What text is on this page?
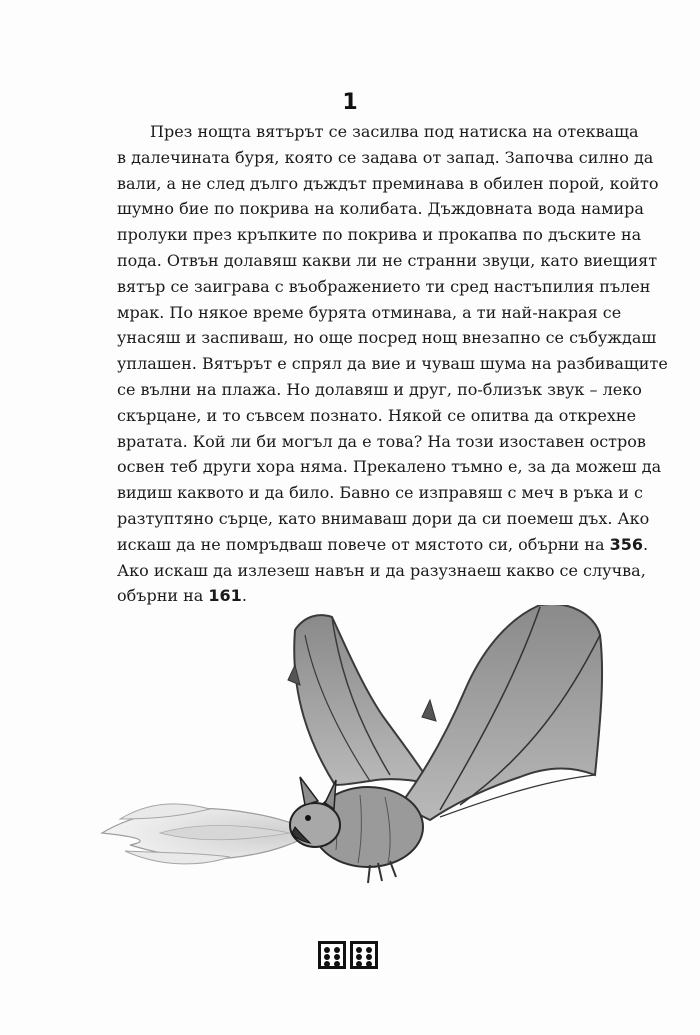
1
През нощта вятърът се засилва под натиска на отекваща
в далечината буря, която се задава от запад. Започва силно да
вали, а не след дълго дъждът преминава в обилен порой, който
шумно бие по покрива на колибата. Дъждовната вода намира
пролуки през кръпките по покрива и прокапва по дъските на
пода. Отвън долавяш какви ли не странни звуци, като виещият
вятър се заиграва с въображението ти сред настъпилия пълен
мрак. По някое време бурята отминава, а ти най-накрая се
унасяш и заспиваш, но още посред нощ внезапно се събуждаш
уплашен. Вятърът е спрял да вие и чуваш шума на разбиващите
се вълни на плажа. Но долавяш и друг, по-близък звук – леко
скърцане, и то съвсем познато. Някой се опитва да открехне
вратата. Кой ли би могъл да е това? На този изоставен остров
освен теб други хора няма. Прекалено тъмно е, за да можеш да
видиш каквото и да било. Бавно се изправяш с меч в ръка и с
разтуптяно сърце, като внимаваш дори да си поемеш дъх. Ако
искаш да не помръдваш повече от мястото си, обърни на 356.
Ако искаш да излезеш навън и да разузнаеш какво се случва,
обърни на 161.
